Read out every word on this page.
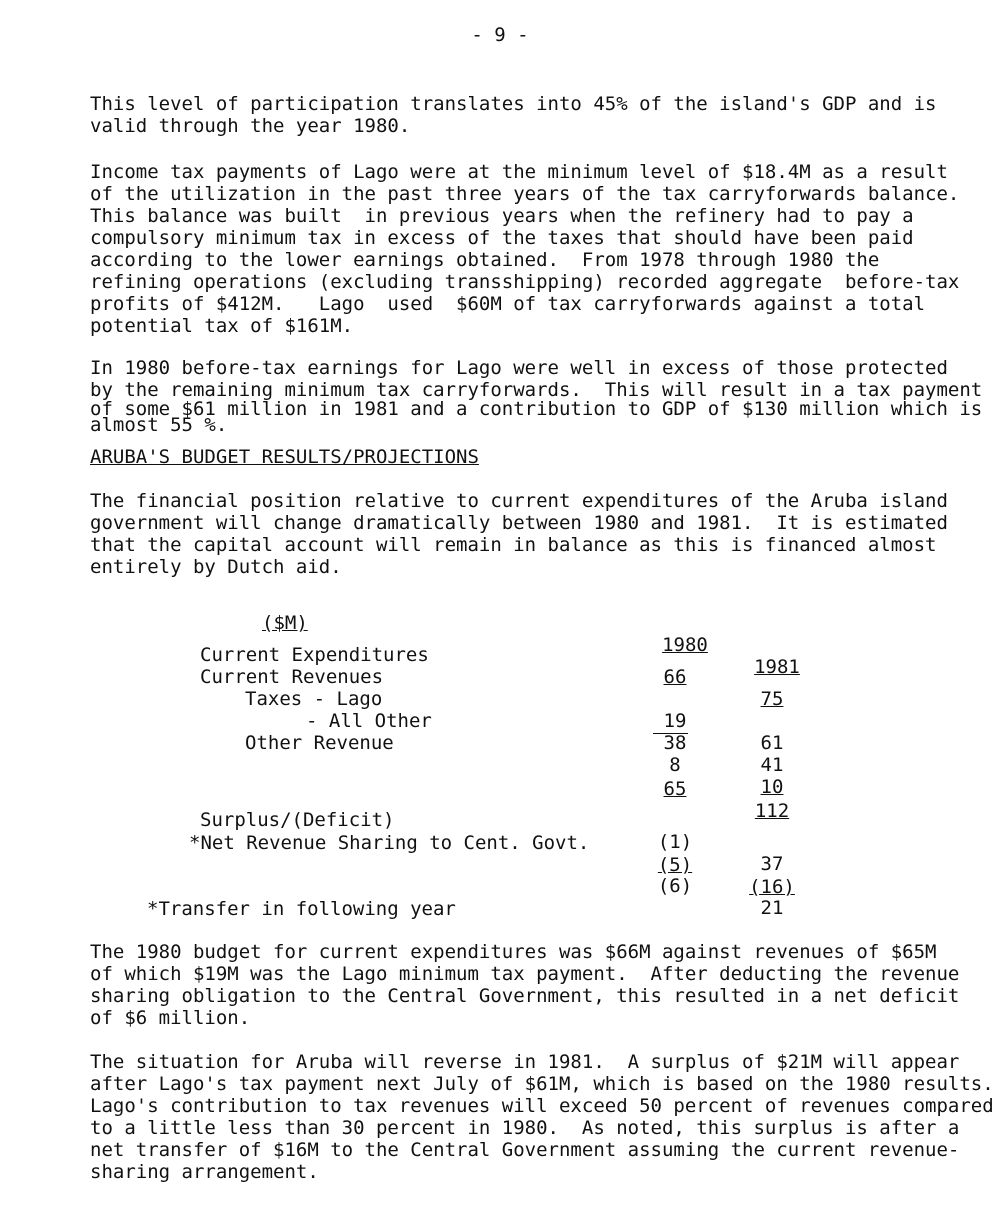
- 9 -
This level of participation translates into 45% of the island's GDP and is
valid through the year 1980.
Income tax payments of Lago were at the minimum level of $18.4M as a result
of the utilization in the past three years of the tax carryforwards balance.
This balance was built  in previous years when the refinery had to pay a
compulsory minimum tax in excess of the taxes that should have been paid
according to the lower earnings obtained.  From 1978 through 1980 the
refining operations (excluding transshipping) recorded aggregate  before-tax
profits of $412M.   Lago  used  $60M of tax carryforwards against a total
potential tax of $161M.
In 1980 before-tax earnings for Lago were well in excess of those protected
by the remaining minimum tax carryforwards.  This will result in a tax payment
of some $61 million in 1981 and a contribution to GDP of $130 million which is
almost 55 %.
ARUBA'S BUDGET RESULTS/PROJECTIONS
The financial position relative to current expenditures of the Aruba island
government will change dramatically between 1980 and 1981.  It is estimated
that the capital account will remain in balance as this is financed almost
entirely by Dutch aid.

($M)

1980

1981

Current Expenditures

66

75

Current Revenues

Taxes - Lago

19

61

- All Other

38

41

Other Revenue

8

10

65

112

Surplus/(Deficit)

(1)

37

*Net Revenue Sharing to Cent. Govt.

(5)

(16)

(6)

21

*Transfer in following year
The 1980 budget for current expenditures was $66M against revenues of $65M
of which $19M was the Lago minimum tax payment.  After deducting the revenue
sharing obligation to the Central Government, this resulted in a net deficit
of $6 million.
The situation for Aruba will reverse in 1981.  A surplus of $21M will appear
after Lago's tax payment next July of $61M, which is based on the 1980 results.
Lago's contribution to tax revenues will exceed 50 percent of revenues compared
to a little less than 30 percent in 1980.  As noted, this surplus is after a
net transfer of $16M to the Central Government assuming the current revenue-
sharing arrangement.
